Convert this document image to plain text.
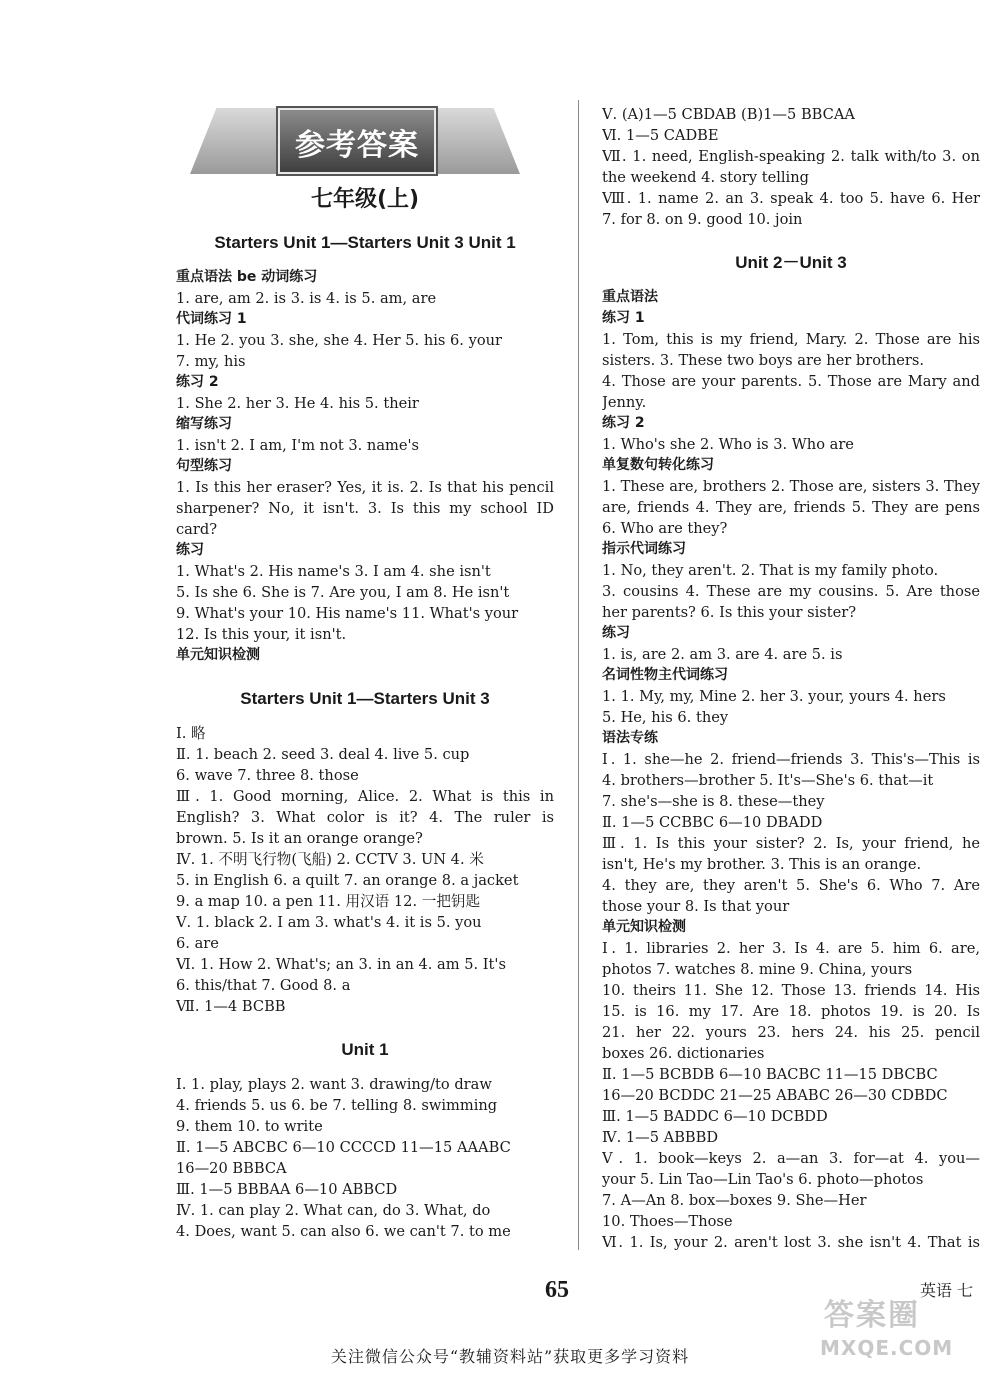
参考答案
七年级(上)
Starters Unit 1—Starters Unit 3 Unit 1
重点语法 be 动词练习
1. are, am 2. is 3. is 4. is 5. am, are
代词练习 1
1. He 2. you 3. she, she 4. Her 5. his 6. your
7. my, his
练习 2
1. She 2. her 3. He 4. his 5. their
缩写练习
1. isn't 2. I am, I'm not 3. name's
句型练习
1. Is this her eraser? Yes, it is. 2. Is that his pencil
sharpener? No, it isn't. 3. Is this my school ID
card?
练习
1. What's 2. His name's 3. I am 4. she isn't
5. Is she 6. She is 7. Are you, I am 8. He isn't
9. What's your 10. His name's 11. What's your
12. Is this your, it isn't.
单元知识检测
Starters Unit 1—Starters Unit 3
Ⅰ. 略
Ⅱ. 1. beach 2. seed 3. deal 4. live 5. cup
6. wave 7. three 8. those
Ⅲ. 1. Good morning, Alice. 2. What is this in
English? 3. What color is it? 4. The ruler is
brown. 5. Is it an orange orange?
Ⅳ. 1. 不明飞行物(飞船) 2. CCTV 3. UN 4. 米
5. in English 6. a quilt 7. an orange 8. a jacket
9. a map 10. a pen 11. 用汉语 12. 一把钥匙
Ⅴ. 1. black 2. I am 3. what's 4. it is 5. you
6. are
Ⅵ. 1. How 2. What's; an 3. in an 4. am 5. It's
6. this/that 7. Good 8. a
Ⅶ. 1—4 BCBB
Unit 1
Ⅰ. 1. play, plays 2. want 3. drawing/to draw
4. friends 5. us 6. be 7. telling 8. swimming
9. them 10. to write
Ⅱ. 1—5 ABCBC 6—10 CCCCD 11—15 AAABC
16—20 BBBCA
Ⅲ. 1—5 BBBAA 6—10 ABBCD
Ⅳ. 1. can play 2. What can, do 3. What, do
4. Does, want 5. can also 6. we can't 7. to me
Ⅴ. (A)1—5 CBDAB (B)1—5 BBCAA
Ⅵ. 1—5 CADBE
Ⅶ. 1. need, English-speaking 2. talk with/to 3. on
the weekend 4. story telling
Ⅷ. 1. name 2. an 3. speak 4. too 5. have 6. Her
7. for 8. on 9. good 10. join
Unit 2－Unit 3
重点语法
练习 1
1. Tom, this is my friend, Mary. 2. Those are his
sisters. 3. These two boys are her brothers.
4. Those are your parents. 5. Those are Mary and
Jenny.
练习 2
1. Who's she 2. Who is 3. Who are
单复数句转化练习
1. These are, brothers 2. Those are, sisters 3. They
are, friends 4. They are, friends 5. They are pens
6. Who are they?
指示代词练习
1. No, they aren't. 2. That is my family photo.
3. cousins 4. These are my cousins. 5. Are those
her parents? 6. Is this your sister?
练习
1. is, are 2. am 3. are 4. are 5. is
名词性物主代词练习
1. 1. My, my, Mine 2. her 3. your, yours 4. hers
5. He, his 6. they
语法专练
Ⅰ. 1. she—he 2. friend—friends 3. This's—This is
4. brothers—brother 5. It's—She's 6. that—it
7. she's—she is 8. these—they
Ⅱ. 1—5 CCBBC 6—10 DBADD
Ⅲ. 1. Is this your sister? 2. Is, your friend, he
isn't, He's my brother. 3. This is an orange.
4. they are, they aren't 5. She's 6. Who 7. Are
those your 8. Is that your
单元知识检测
Ⅰ. 1. libraries 2. her 3. Is 4. are 5. him 6. are,
photos 7. watches 8. mine 9. China, yours
10. theirs 11. She 12. Those 13. friends 14. His
15. is 16. my 17. Are 18. photos 19. is 20. Is
21. her 22. yours 23. hers 24. his 25. pencil
boxes 26. dictionaries
Ⅱ. 1—5 BCBDB 6—10 BACBC 11—15 DBCBC
16—20 BCDDC 21—25 ABABC 26—30 CDBDC
Ⅲ. 1—5 BADDC 6—10 DCBDD
Ⅳ. 1—5 ABBBD
Ⅴ. 1. book—keys 2. a—an 3. for—at 4. you—
your 5. Lin Tao—Lin Tao's 6. photo—photos
7. A—An 8. box—boxes 9. She—Her
10. Thoes—Those
Ⅵ. 1. Is, your 2. aren't lost 3. she isn't 4. That is
65	英语 七
答案圈
MXQE.COM
关注微信公众号“教辅资料站”获取更多学习资料
